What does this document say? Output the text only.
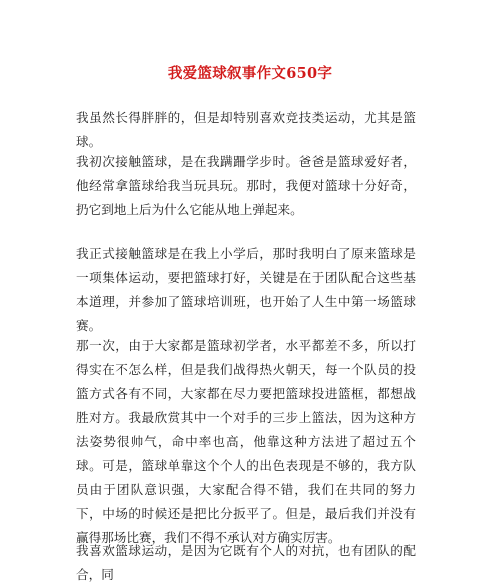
我爱篮球叙事作文650字

我虽然长得胖胖的，但是却特别喜欢竞技类运动，尤其是篮球。

我初次接触篮球，是在我蹒跚学步时。爸爸是篮球爱好者，他经常拿篮球给我当玩具玩。那时，我便对篮球十分好奇，扔它到地上后为什么它能从地上弹起来。

我正式接触篮球是在我上小学后，那时我明白了原来篮球是一项集体运动，要把篮球打好，关键是在于团队配合这些基本道理，并参加了篮球培训班，也开始了人生中第一场篮球赛。

那一次，由于大家都是篮球初学者，水平都差不多，所以打得实在不怎么样，但是我们战得热火朝天，每一个队员的投篮方式各有不同，大家都在尽力要把篮球投进篮框，都想战胜对方。我最欣赏其中一个对手的三步上篮法，因为这种方法姿势很帅气，命中率也高，他靠这种方法进了超过五个球。可是，篮球单靠这个个人的出色表现是不够的，我方队员由于团队意识强，大家配合得不错，我们在共同的努力下，中场的时候还是把比分扳平了。但是，最后我们并没有赢得那场比赛，我们不得不承认对方确实厉害。

我喜欢篮球运动，是因为它既有个人的对抗，也有团队的配合，同
